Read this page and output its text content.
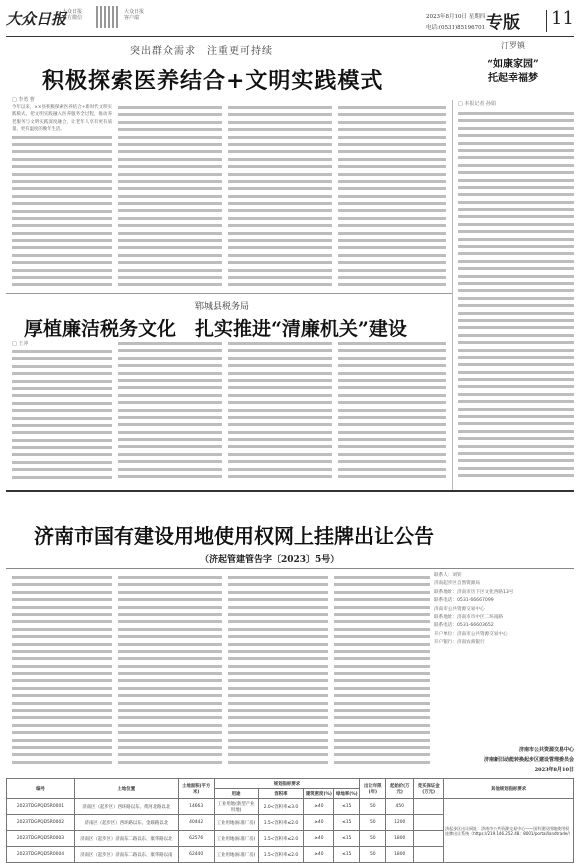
大众日报
大众日报 官方微信
大众日报 客户端	2023年8月10日 星期四
电话:(0531)85196701 专版 11
突出群众需求　注重更可持续
积极探索医养结合+文明实践模式
□ 李勇 曹
今年以来，××县积极探索医养结合+新时代文明实践模式，把文明实践融入医养服务全过程，推动养老服务与文明实践深度融合，让老年人享有更有质量、更有温度的晚年生活。
汀罗镇
“如康家园”
托起幸福梦
□ 本报记者 孙娟
郓城县税务局
厚植廉洁税务文化　扎实推进“清廉机关”建设
□ 王冲
济南市国有建设用地使用权网上挂牌出让公告
（济起管建管告字〔2023〕5号）
联系人：刘钊
济南起步区自然资源局
联系地址：济南市历下区文化西路13号
联系电话：0531-66667099
济南市公共资源交易中心
联系地址：济南市市中区二环南路
联系电话：0531-66603652
开户单位：济南市公共资源交易中心
开户银行：济南农商银行
济南市公共资源交易中心
济南新旧动能转换起步区建设管理委员会
2023年8月10日
编号	土地位置	土地面积(平方米)	规划指标要求				出让年限(年)	起始价(万元)	竞买保证金(万元)	其他规划指标要求
			用途	容积率	建筑密度(%)	绿地率(%)				
2023TDGPQD5R0001	济南区（起步区）西环路以东、黄河北路以北	14663	工业用地(新型产业用地)	2.0<容积率≤3.0	≥40	≤15	50	450		济起步区出让网址：济南市公共资源交易中心——国有建设用地使用权 挂牌出让系统（https://219.146.252.48：8001/portal/landtrade/）
2023TDGPQD5R0002	济南区（起步区）西环路以东、金联路以北	40442	工业用地(标准厂房)	1.5<容积率≤2.0	≥40	≤15	50	1200		
2023TDGPQD5R0003	济南区（起步区）济南东二路以东、康华路以北	62576	工业用地(标准厂房)	1.5<容积率≤2.0	≥40	≤15	50	1800		
2023TDGPQD5R0004	济南区（起步区）济南东二路以东、康华路以南	62440	工业用地(标准厂房)	1.5<容积率≤2.0	≥40	≤15	50	1800		
